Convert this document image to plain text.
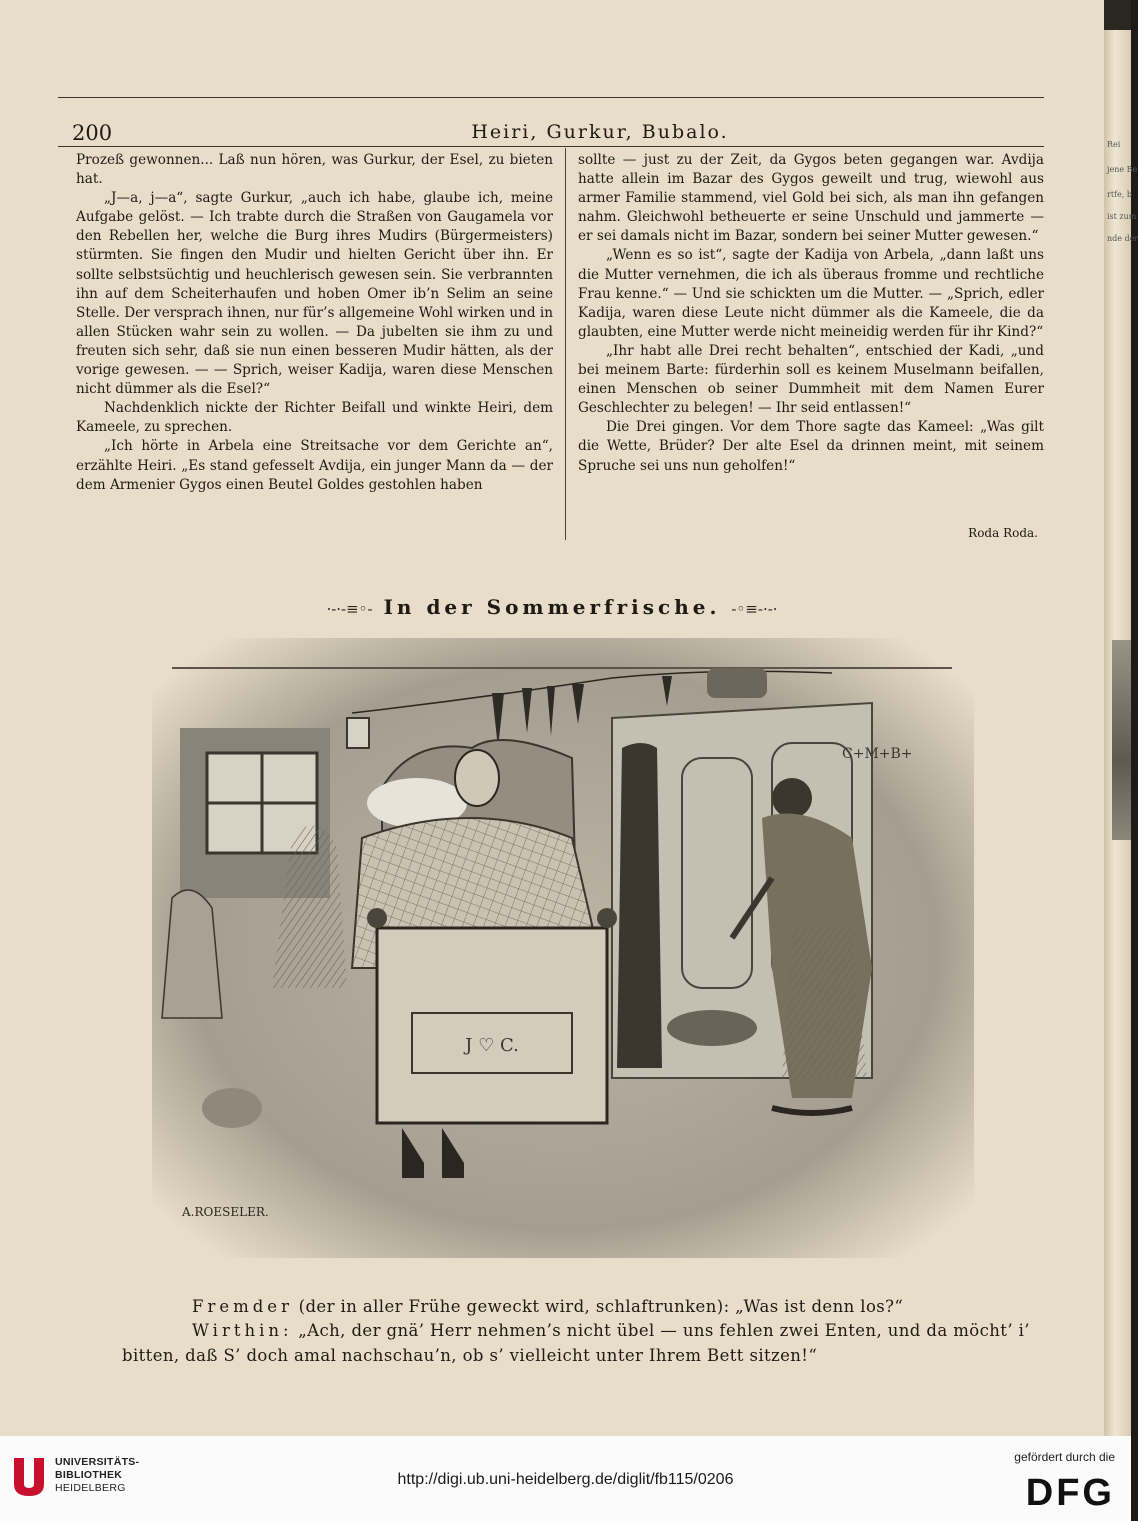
200	Heiri, Gurkur, Bubalo.

Prozeß gewonnen... Laß nun hören, was Gurkur, der Esel, zu bieten hat.

„J—a, j—a“, sagte Gurkur, „auch ich habe, glaube ich, meine Aufgabe gelöst. — Ich trabte durch die Straßen von Gaugamela vor den Rebellen her, welche die Burg ihres Mudirs (Bürgermeisters) stürmten. Sie fingen den Mudir und hielten Gericht über ihn. Er sollte selbstsüchtig und heuchlerisch gewesen sein. Sie verbrannten ihn auf dem Scheiterhaufen und hoben Omer ib’n Selim an seine Stelle. Der versprach ihnen, nur für’s allgemeine Wohl wirken und in allen Stücken wahr sein zu wollen. — Da jubelten sie ihm zu und freuten sich sehr, daß sie nun einen besseren Mudir hätten, als der vorige gewesen. — — Sprich, weiser Kadija, waren diese Menschen nicht dümmer als die Esel?“

Nachdenklich nickte der Richter Beifall und winkte Heiri, dem Kameele, zu sprechen.

„Ich hörte in Arbela eine Streitsache vor dem Gerichte an“, erzählte Heiri. „Es stand gefesselt Avdija, ein junger Mann da — der dem Armenier Gygos einen Beutel Goldes gestohlen haben

sollte — just zu der Zeit, da Gygos beten gegangen war. Avdija hatte allein im Bazar des Gygos geweilt und trug, wiewohl aus armer Familie stammend, viel Gold bei sich, als man ihn gefangen nahm. Gleichwohl betheuerte er seine Unschuld und jammerte — er sei damals nicht im Bazar, sondern bei seiner Mutter gewesen.“

„Wenn es so ist“, sagte der Kadija von Arbela, „dann laßt uns die Mutter vernehmen, die ich als überaus fromme und rechtliche Frau kenne.“ — Und sie schickten um die Mutter. — „Sprich, edler Kadija, waren diese Leute nicht dümmer als die Kameele, die da glaubten, eine Mutter werde nicht meineidig werden für ihr Kind?“

„Ihr habt alle Drei recht behalten“, entschied der Kadi, „und bei meinem Barte: fürderhin soll es keinem Muselmann beifallen, einen Menschen ob seiner Dummheit mit dem Namen Eurer Geschlechter zu belegen! — Ihr seid entlassen!“

Die Drei gingen. Vor dem Thore sagte das Kameel: „Was gilt die Wette, Brüder? Der alte Esel da drinnen meint, mit seinem Spruche sei uns nun geholfen!“

Roda Roda.
·-·-≡◦- In der Sommerfrische. -◦≡-·-·
C+M+B+
J ♡ C.
A.ROESELER.
Fremder (der in aller Frühe geweckt wird, schlaftrunken): „Was ist denn los?“
Wirthin: „Ach, der gnä’ Herr nehmen’s nicht übel — uns fehlen zwei Enten, und da möcht’ i’
bitten, daß S’ doch amal nachschau’n, ob s’ vielleicht unter Ihrem Bett sitzen!“
Rei
jene Be
rtfe, b
ist zum
nde der
UNIVERSITÄTS-
BIBLIOTHEK
HEIDELBERG	http://digi.ub.uni-heidelberg.de/diglit/fb115/0206
gefördert durch die
DFG
